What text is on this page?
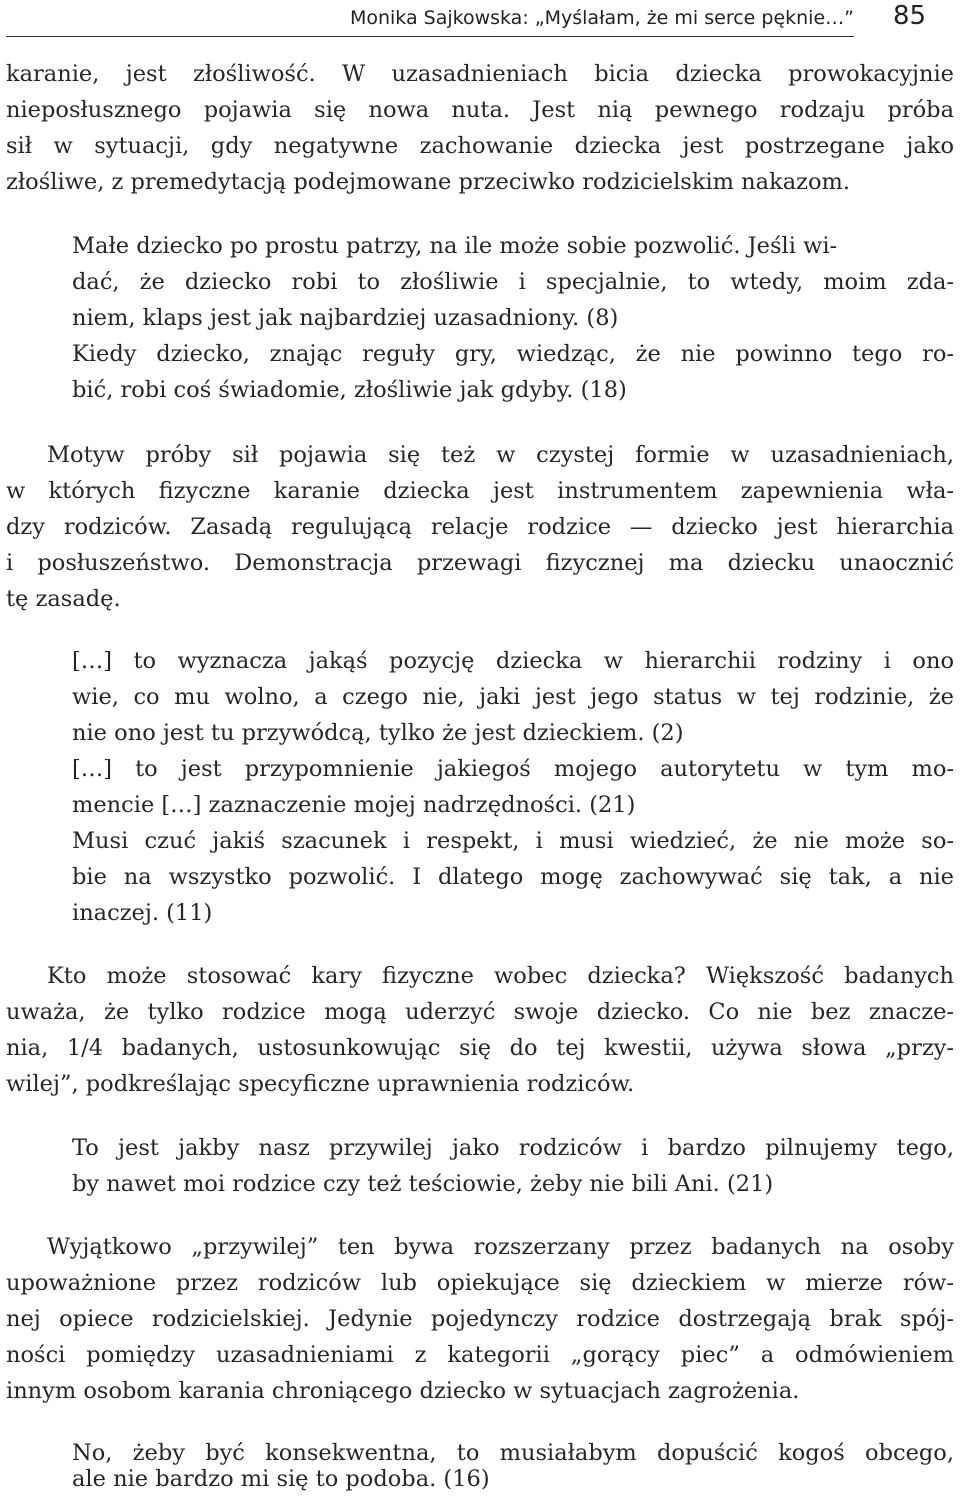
Monika Sajkowska: „Myślałam, że mi serce pęknie…” 85
karanie, jest złośliwość. W uzasadnieniach bicia dziecka prowokacyjnie
nieposłusznego pojawia się nowa nuta. Jest nią pewnego rodzaju próba
sił w sytuacji, gdy negatywne zachowanie dziecka jest postrzegane jako
złośliwe, z premedytacją podejmowane przeciwko rodzicielskim nakazom.
Małe dziecko po prostu patrzy, na ile może sobie pozwolić. Jeśli wi-
dać, że dziecko robi to złośliwie i specjalnie, to wtedy, moim zda-
niem, klaps jest jak najbardziej uzasadniony. (8)
Kiedy dziecko, znając reguły gry, wiedząc, że nie powinno tego ro-
bić, robi coś świadomie, złośliwie jak gdyby. (18)
Motyw próby sił pojawia się też w czystej formie w uzasadnieniach,
w których fizyczne karanie dziecka jest instrumentem zapewnienia wła-
dzy rodziców. Zasadą regulującą relacje rodzice — dziecko jest hierarchia
i posłuszeństwo. Demonstracja przewagi fizycznej ma dziecku unaocznić
tę zasadę.
[…] to wyznacza jakąś pozycję dziecka w hierarchii rodziny i ono
wie, co mu wolno, a czego nie, jaki jest jego status w tej rodzinie, że
nie ono jest tu przywódcą, tylko że jest dzieckiem. (2)
[…] to jest przypomnienie jakiegoś mojego autorytetu w tym mo-
mencie […] zaznaczenie mojej nadrzędności. (21)
Musi czuć jakiś szacunek i respekt, i musi wiedzieć, że nie może so-
bie na wszystko pozwolić. I dlatego mogę zachowywać się tak, a nie
inaczej. (11)
Kto może stosować kary fizyczne wobec dziecka? Większość badanych
uważa, że tylko rodzice mogą uderzyć swoje dziecko. Co nie bez znacze-
nia, 1/4 badanych, ustosunkowując się do tej kwestii, używa słowa „przy-
wilej”, podkreślając specyficzne uprawnienia rodziców.
To jest jakby nasz przywilej jako rodziców i bardzo pilnujemy tego,
by nawet moi rodzice czy też teściowie, żeby nie bili Ani. (21)
Wyjątkowo „przywilej” ten bywa rozszerzany przez badanych na osoby
upoważnione przez rodziców lub opiekujące się dzieckiem w mierze rów-
nej opiece rodzicielskiej. Jedynie pojedynczy rodzice dostrzegają brak spój-
ności pomiędzy uzasadnieniami z kategorii „gorący piec” a odmówieniem
innym osobom karania chroniącego dziecko w sytuacjach zagrożenia.
No, żeby być konsekwentna, to musiałabym dopuścić kogoś obcego,
ale nie bardzo mi się to podoba. (16)
